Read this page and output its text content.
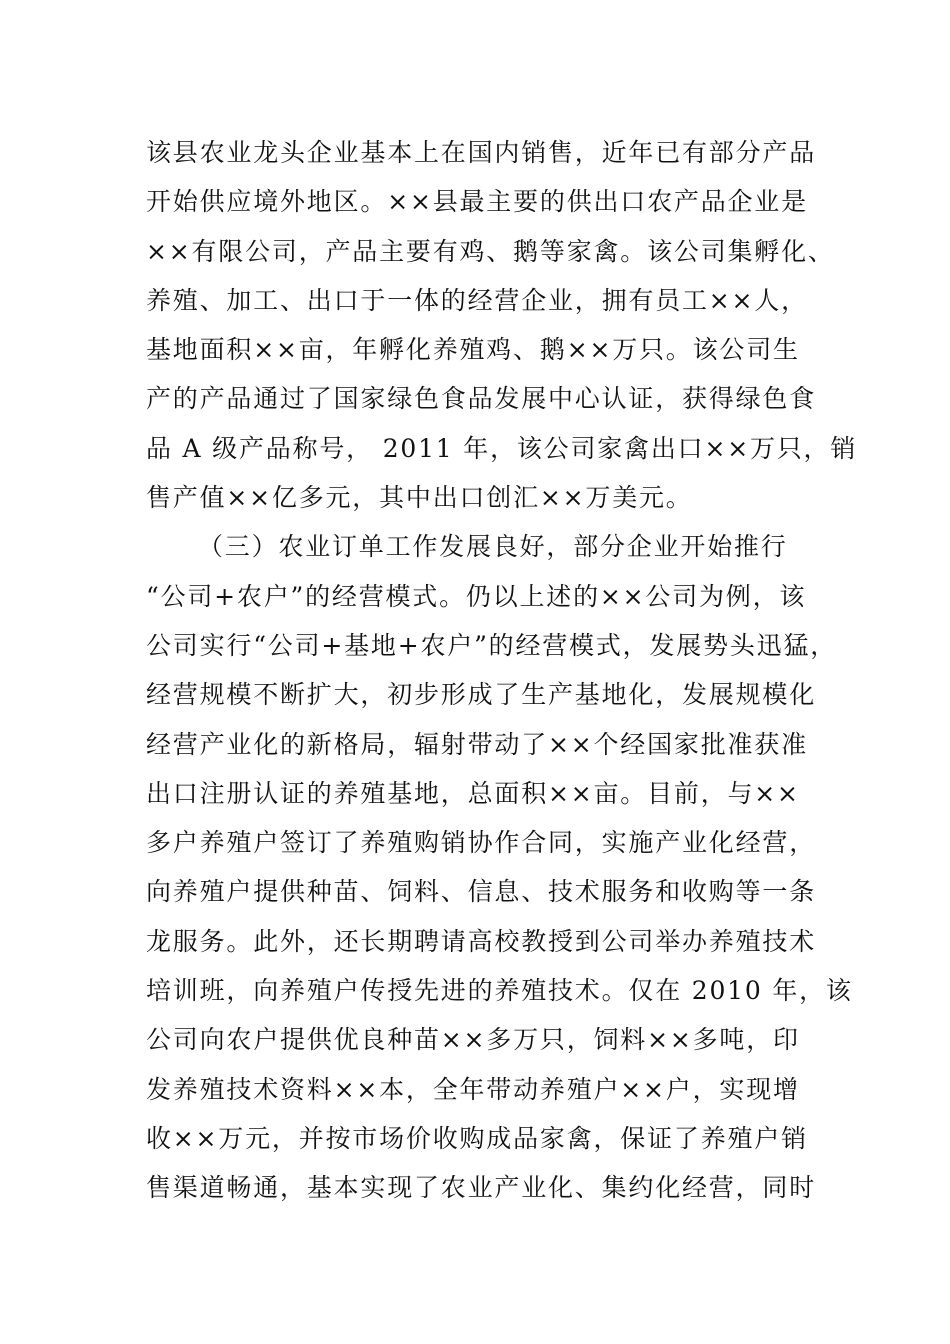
该县农业龙头企业基本上在国内销售，近年已有部分产品
开始供应境外地区。××县最主要的供出口农产品企业是
××有限公司，产品主要有鸡、鹅等家禽。该公司集孵化、
养殖、加工、出口于一体的经营企业，拥有员工××人，
基地面积××亩，年孵化养殖鸡、鹅××万只。该公司生
产的产品通过了国家绿色食品发展中心认证，获得绿色食
品 A 级产品称号， 2011 年，该公司家禽出口××万只，销
售产值××亿多元，其中出口创汇××万美元。
（三）农业订单工作发展良好，部分企业开始推行
“公司+农户”的经营模式。仍以上述的××公司为例，该
公司实行“公司+基地+农户”的经营模式，发展势头迅猛，
经营规模不断扩大，初步形成了生产基地化，发展规模化
经营产业化的新格局，辐射带动了××个经国家批准获准
出口注册认证的养殖基地，总面积××亩。目前，与××
多户养殖户签订了养殖购销协作合同，实施产业化经营，
向养殖户提供种苗、饲料、信息、技术服务和收购等一条
龙服务。此外，还长期聘请高校教授到公司举办养殖技术
培训班，向养殖户传授先进的养殖技术。仅在 2010 年，该
公司向农户提供优良种苗××多万只，饲料××多吨，印
发养殖技术资料××本，全年带动养殖户××户，实现增
收××万元，并按市场价收购成品家禽，保证了养殖户销
售渠道畅通，基本实现了农业产业化、集约化经营，同时
